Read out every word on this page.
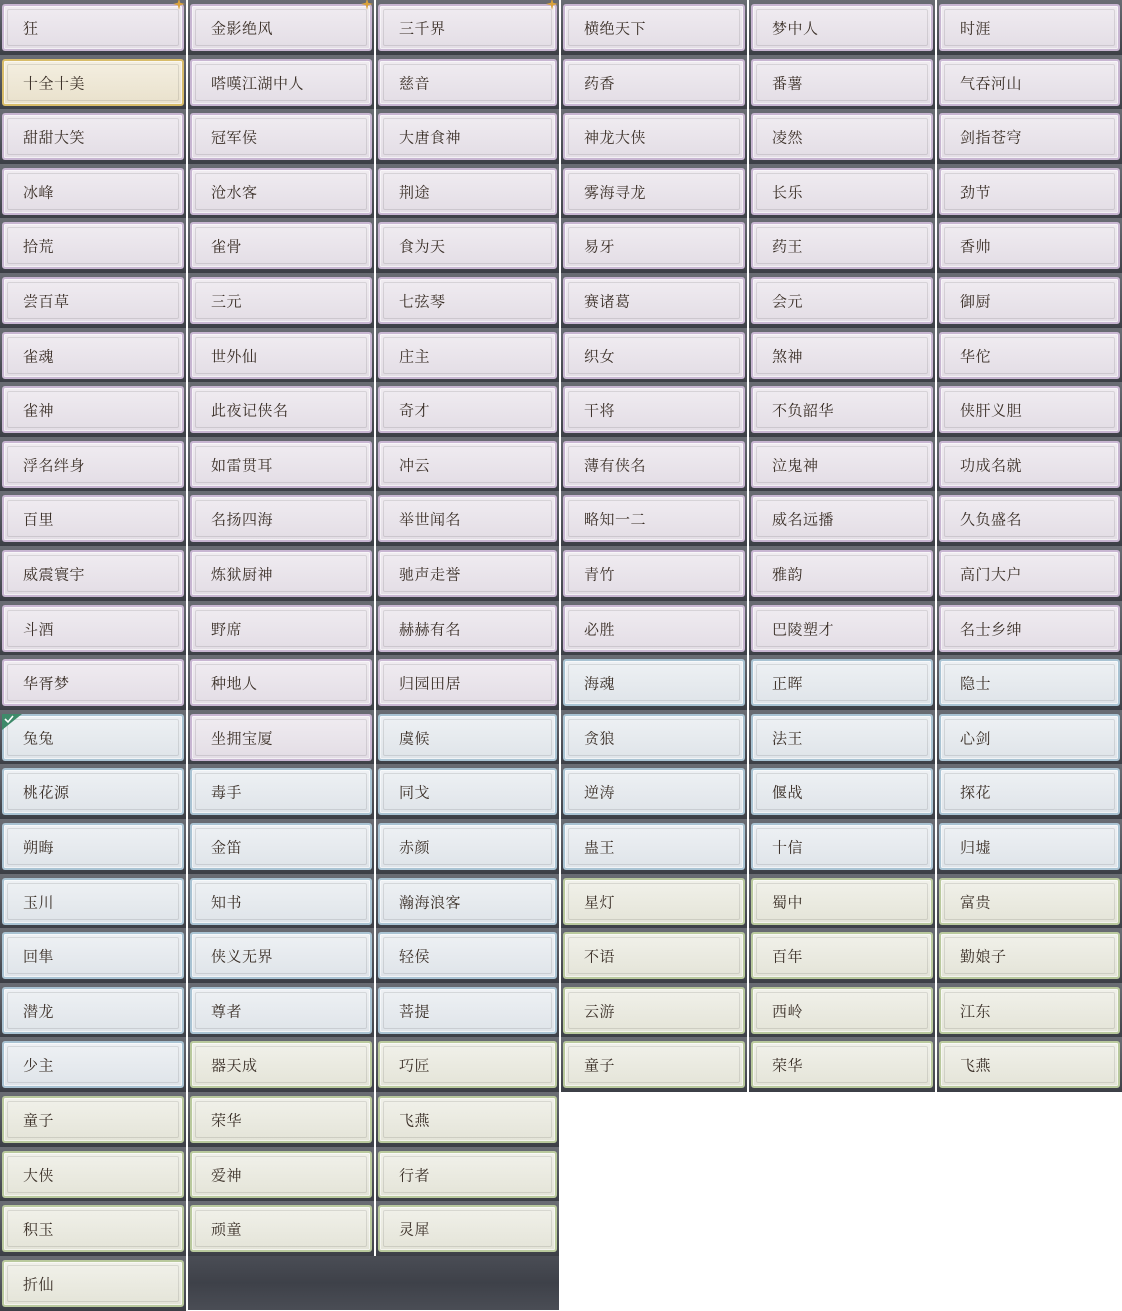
狂	金影绝风	三千界	横绝天下	梦中人	时涯
十全十美	嗒嘆江湖中人	慈音	药香	番薯	气吞河山
甜甜大笑	冠军侯	大唐食神	神龙大侠	凌然	剑指苍穹
冰峰	沧水客	荆途	雾海寻龙	长乐	劲节
拾荒	雀骨	食为天	易牙	药王	香帅
尝百草	三元	七弦琴	赛诸葛	会元	御厨
雀魂	世外仙	庄主	织女	煞神	华佗
雀神	此夜记侠名	奇才	干将	不负韶华	侠肝义胆
浮名绊身	如雷贯耳	冲云	薄有侠名	泣鬼神	功成名就
百里	名扬四海	举世闻名	略知一二	威名远播	久负盛名
威震寰宇	炼狱厨神	驰声走誉	青竹	雅韵	高门大户
斗酒	野席	赫赫有名	必胜	巴陵塑才	名士乡绅
华胥梦	种地人	归园田居	海魂	正晖	隐士
兔兔	坐拥宝厦	虞候	贪狼	法王	心剑
桃花源	毒手	同戈	逆涛	偃战	探花
朔晦	金笛	赤颜	蛊王	十信	归墟
玉川	知书	瀚海浪客	星灯	蜀中	富贵
回隼	侠义无界	轻侯	不语	百年	勤娘子
潜龙	尊者	菩提	云游	西岭	江东
少主	器天成	巧匠	童子	荣华	飞燕
童子	荣华	飞燕
大侠	爱神	行者
积玉	顽童	灵犀
折仙
